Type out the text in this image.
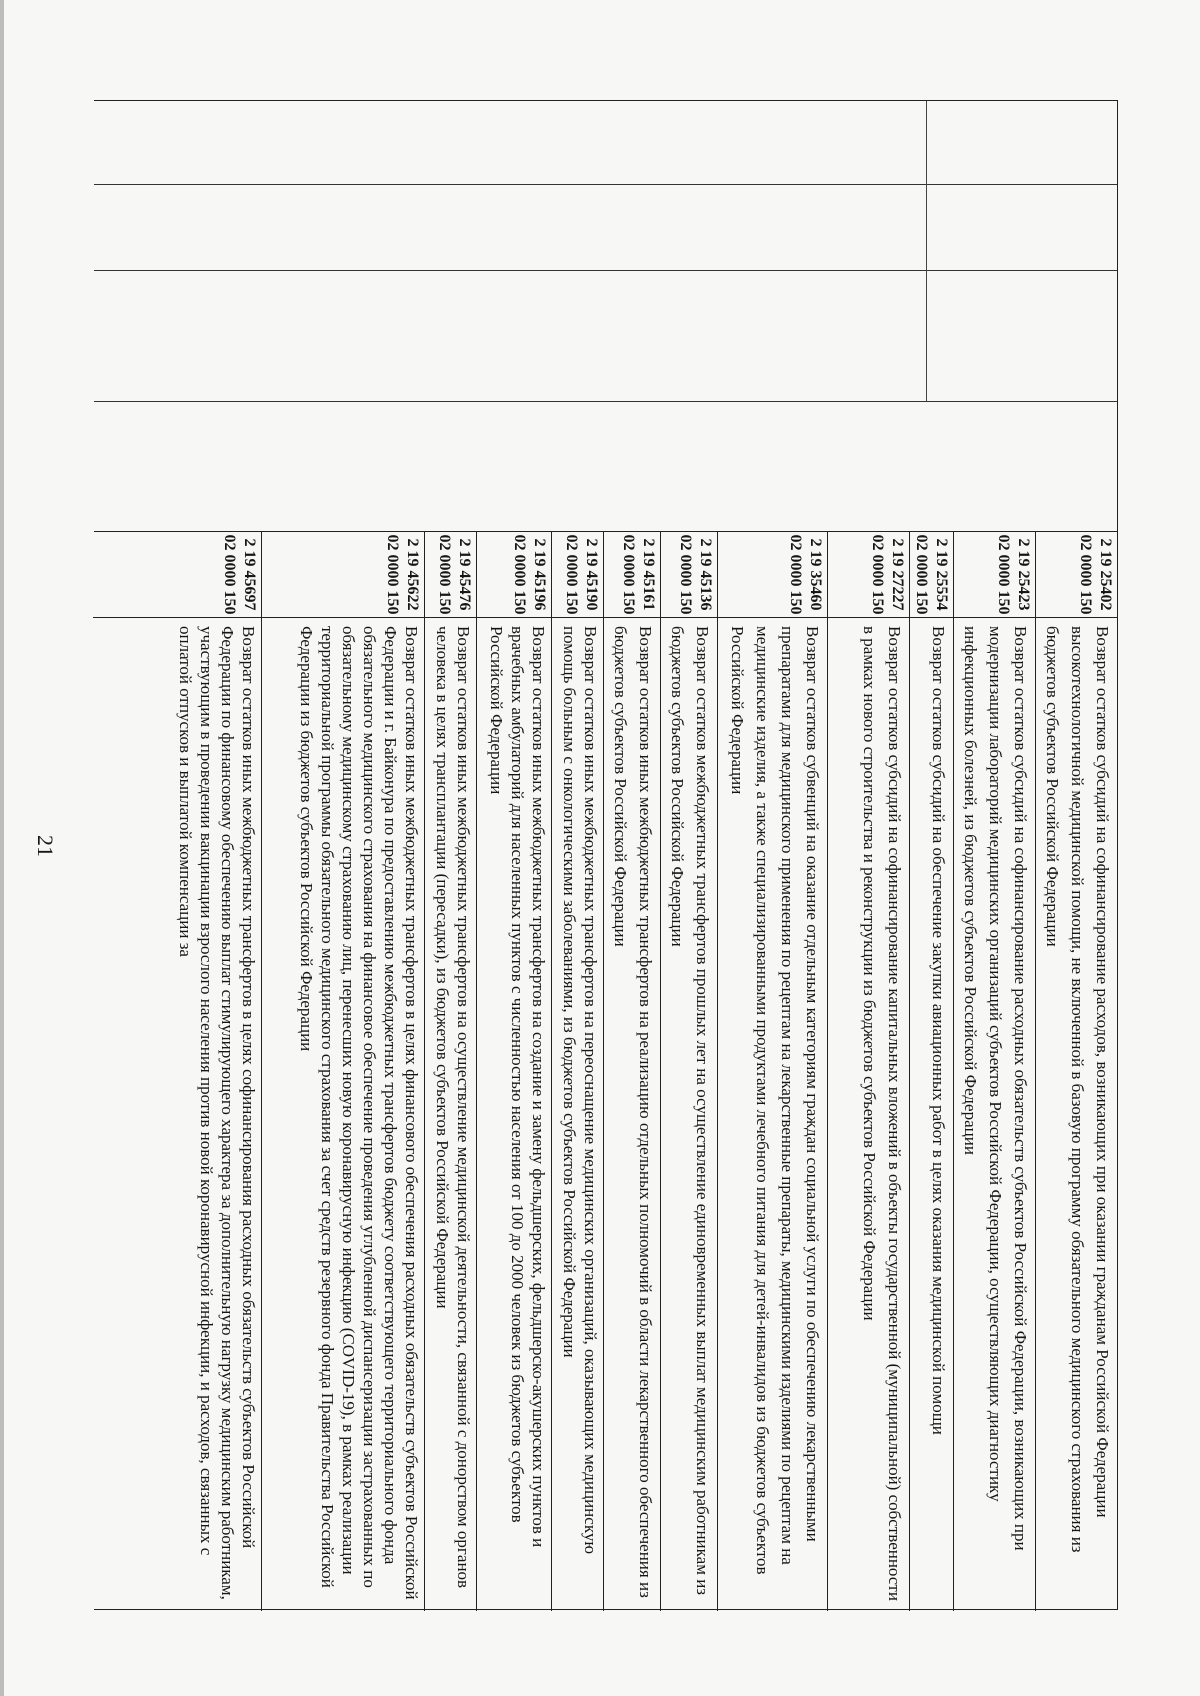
21
2 19 25402 02 0000 150
Возврат остатков субсидий на софинансирование расходов, возникающих при оказании гражданам Российской Федерации высокотехнологичной медицинской помощи, не включенной в базовую программу обязательного медицинского страхования из бюджетов субъектов Российской Федерации
2 19 25423 02 0000 150
Возврат остатков субсидий на софинансирование расходных обязательств субъектов Российской Федерации, возникающих при модернизации лабораторий медицинских организаций субъектов Российской Федерации, осуществляющих диагностику инфекционных болезней, из бюджетов субъектов Российской Федерации
2 19 25554 02 0000 150
Возврат остатков субсидий на обеспечение закупки авиационных работ в целях оказания медицинской помощи
2 19 27227 02 0000 150
Возврат остатков субсидий на софинансирование капитальных вложений в объекты государственной (муниципальной) собственности в рамках нового строительства и реконструкции из бюджетов субъектов Российской Федерации
2 19 35460 02 0000 150
Возврат остатков субвенций на оказание отдельным категориям граждан социальной услуги по обеспечению лекарственными препаратами для медицинского применения по рецептам на лекарственные препараты, медицинскими изделиями по рецептам на медицинские изделия, а также специализированными продуктами лечебного питания для детей-инвалидов из бюджетов субъектов Российской Федерации
2 19 45136 02 0000 150
Возврат остатков межбюджетных трансфертов прошлых лет на осуществление единовременных выплат медицинским работникам из бюджетов субъектов Российской Федерации
2 19 45161 02 0000 150
Возврат остатков иных межбюджетных трансфертов на реализацию отдельных полномочий в области лекарственного обеспечения из бюджетов субъектов Российской Федерации
2 19 45190 02 0000 150
Возврат остатков иных межбюджетных трансфертов на переоснащение медицинских организаций, оказывающих медицинскую помощь больным с онкологическими заболеваниями, из бюджетов субъектов Российской Федерации
2 19 45196 02 0000 150
Возврат остатков иных межбюджетных трансфертов на создание и замену фельдшерских, фельдшерско-акушерских пунктов и врачебных амбулаторий для населенных пунктов с численностью населения от 100 до 2000 человек из бюджетов субъектов Российской Федерации
2 19 45476 02 0000 150
Возврат остатков иных межбюджетных трансфертов на осуществление медицинской деятельности, связанной с донорством органов человека в целях трансплантации (пересадки), из бюджетов субъектов Российской Федерации
2 19 45622 02 0000 150
Возврат остатков иных межбюджетных трансфертов в целях финансового обеспечения расходных обязательств субъектов Российской Федерации и г. Байконура по предоставлению межбюджетных трансфертов бюджету соответствующего территориального фонда обязательного медицинского страхования на финансовое обеспечение проведения углубленной диспансеризации застрахованных по обязательному медицинскому страхованию лиц, перенесших новую коронавирусную инфекцию (COVID-19), в рамках реализации территориальной программы обязательного медицинского страхования за счет средств резервного фонда Правительства Российской Федерации из бюджетов субъектов Российской Федерации
2 19 45697 02 0000 150
Возврат остатков иных межбюджетных трансфертов в целях софинансирования расходных обязательств субъектов Российской Федерации по финансовому обеспечению выплат стимулирующего характера за дополнительную нагрузку медицинским работникам, участвующим в проведении вакцинации взрослого населения против новой коронавирусной инфекции, и расходов, связанных с оплатой отпусков и выплатой компенсации за
